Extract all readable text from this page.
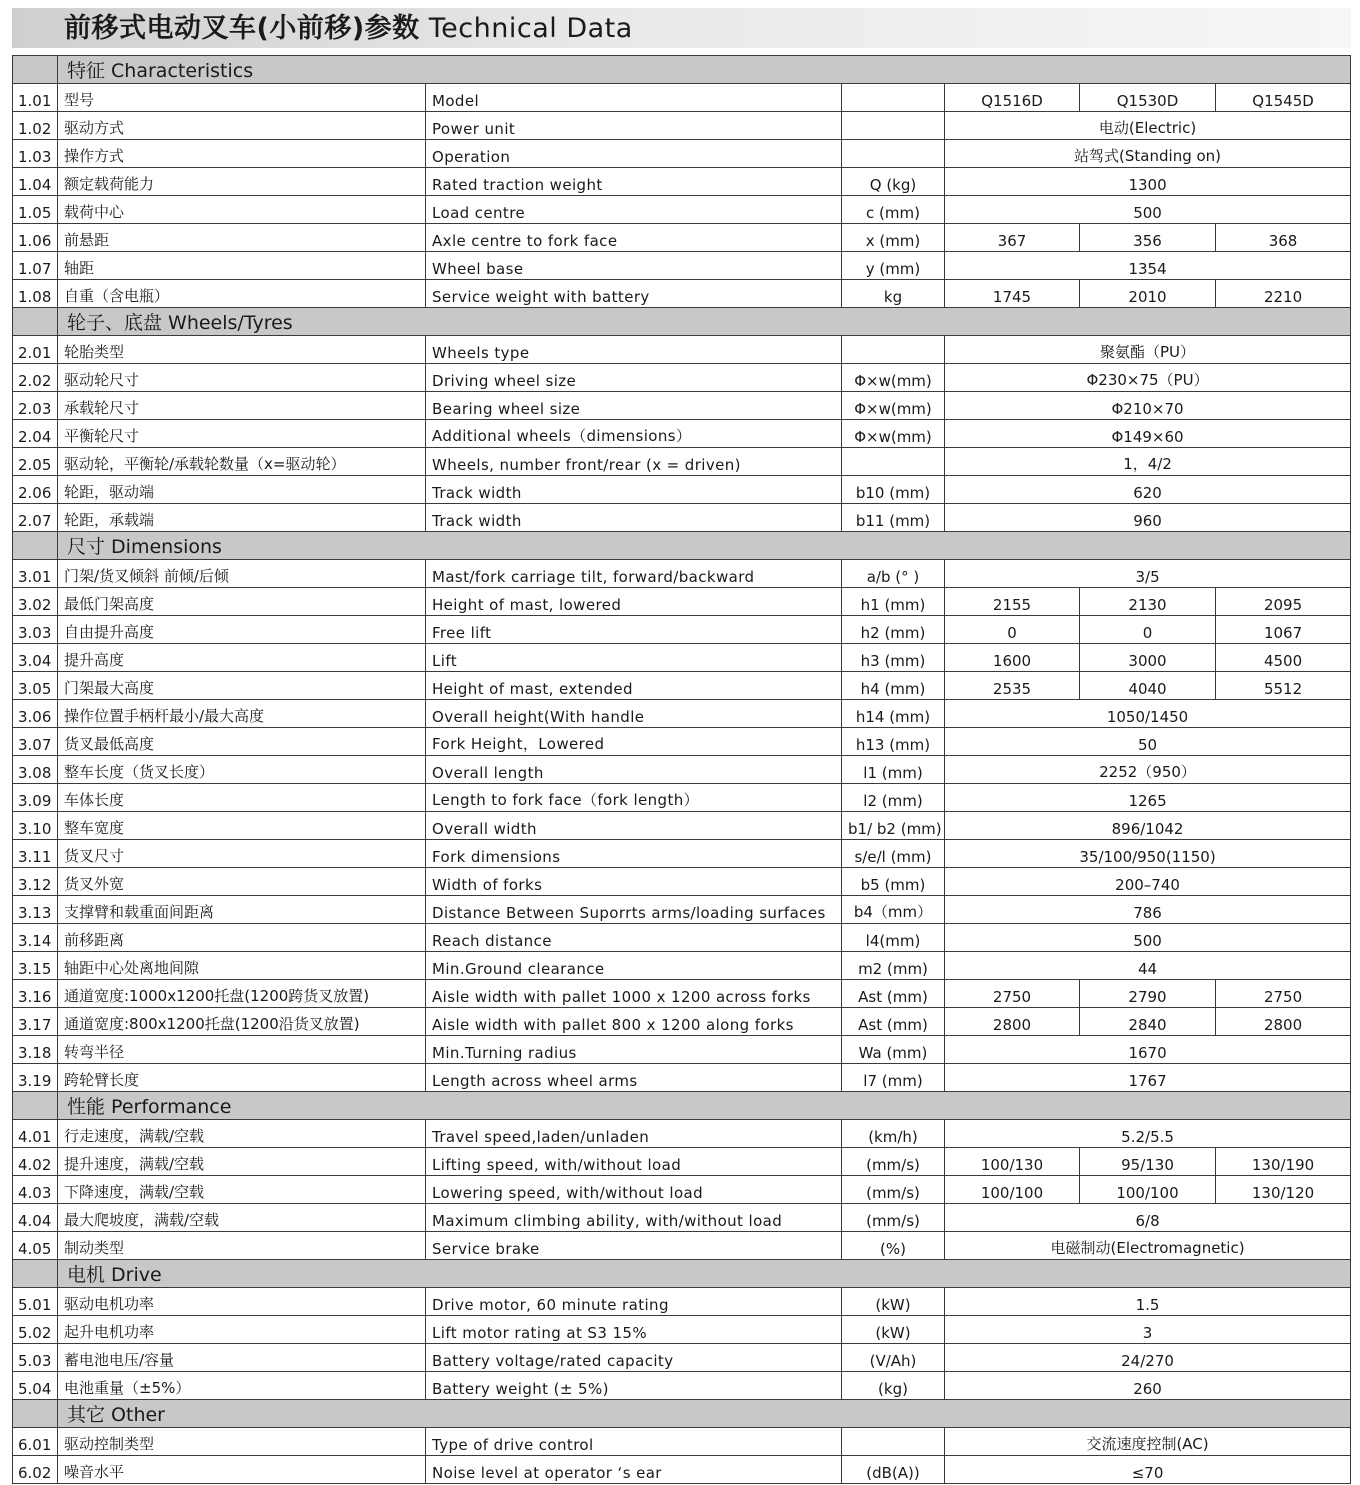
前移式电动叉车(小前移)参数 Technical Data
	特征 Characteristics					
1.01	型号	Model		Q1516D	Q1530D	Q1545D
1.02	驱动方式	Power unit		电动(Electric)		
1.03	操作方式	Operation		站驾式(Standing on)		
1.04	额定载荷能力	Rated traction weight	Q (kg)	1300		
1.05	载荷中心	Load centre	c (mm)	500		
1.06	前悬距	Axle centre to fork face	x (mm)	367	356	368
1.07	轴距	Wheel base	y (mm)	1354		
1.08	自重（含电瓶）	Service weight with battery	kg	1745	2010	2210
	轮子、底盘 Wheels/Tyres					
2.01	轮胎类型	Wheels type		聚氨酯（PU）		
2.02	驱动轮尺寸	Driving wheel size	Φ×w(mm)	Φ230×75（PU）		
2.03	承载轮尺寸	Bearing wheel size	Φ×w(mm)	Φ210×70		
2.04	平衡轮尺寸	Additional wheels（dimensions）	Φ×w(mm)	Φ149×60		
2.05	驱动轮，平衡轮/承载轮数量（x=驱动轮）	Wheels, number front/rear (x = driven)		1，4/2		
2.06	轮距，驱动端	Track width	b10 (mm)	620		
2.07	轮距，承载端	Track width	b11 (mm)	960		
	尺寸 Dimensions					
3.01	门架/货叉倾斜 前倾/后倾	Mast/fork carriage tilt, forward/backward	a/b (° )	3/5		
3.02	最低门架高度	Height of mast, lowered	h1 (mm)	2155	2130	2095
3.03	自由提升高度	Free lift	h2 (mm)	0	0	1067
3.04	提升高度	Lift	h3 (mm)	1600	3000	4500
3.05	门架最大高度	Height of mast, extended	h4 (mm)	2535	4040	5512
3.06	操作位置手柄杆最小/最大高度	Overall height(With handle	h14 (mm)	1050/1450		
3.07	货叉最低高度	Fork Height，Lowered	h13 (mm)	50		
3.08	整车长度（货叉长度）	Overall length	l1 (mm)	2252（950）		
3.09	车体长度	Length to fork face（fork length）	l2 (mm)	1265		
3.10	整车宽度	Overall width	b1/ b2 (mm)	896/1042		
3.11	货叉尺寸	Fork dimensions	s/e/l (mm)	35/100/950(1150)		
3.12	货叉外宽	Width of forks	b5 (mm)	200–740		
3.13	支撑臂和载重面间距离	Distance Between Suporrts arms/loading surfaces	b4（mm）	786		
3.14	前移距离	Reach distance	l4(mm)	500		
3.15	轴距中心处离地间隙	Min.Ground clearance	m2 (mm)	44		
3.16	通道宽度:1000x1200托盘(1200跨货叉放置)	Aisle width with pallet 1000 x 1200 across forks	Ast (mm)	2750	2790	2750
3.17	通道宽度:800x1200托盘(1200沿货叉放置)	Aisle width with pallet 800 x 1200 along forks	Ast (mm)	2800	2840	2800
3.18	转弯半径	Min.Turning radius	Wa (mm)	1670		
3.19	跨轮臂长度	Length across wheel arms	l7 (mm)	1767		
	性能 Performance					
4.01	行走速度，满载/空载	Travel speed,laden/unladen	(km/h)	5.2/5.5		
4.02	提升速度，满载/空载	Lifting speed, with/without load	(mm/s)	100/130	95/130	130/190
4.03	下降速度，满载/空载	Lowering speed, with/without load	(mm/s)	100/100	100/100	130/120
4.04	最大爬坡度，满载/空载	Maximum climbing ability, with/without load	(mm/s)	6/8		
4.05	制动类型	Service brake	(%)	电磁制动(Electromagnetic)		
	电机 Drive					
5.01	驱动电机功率	Drive motor, 60 minute rating	(kW)	1.5		
5.02	起升电机功率	Lift motor rating at S3 15%	(kW)	3		
5.03	蓄电池电压/容量	Battery voltage/rated capacity	(V/Ah)	24/270		
5.04	电池重量（±5%）	Battery weight (± 5%)	(kg)	260		
	其它 Other					
6.01	驱动控制类型	Type of drive control		交流速度控制(AC)		
6.02	噪音水平	Noise level at operator ‘s ear	(dB(A))	≤70		
